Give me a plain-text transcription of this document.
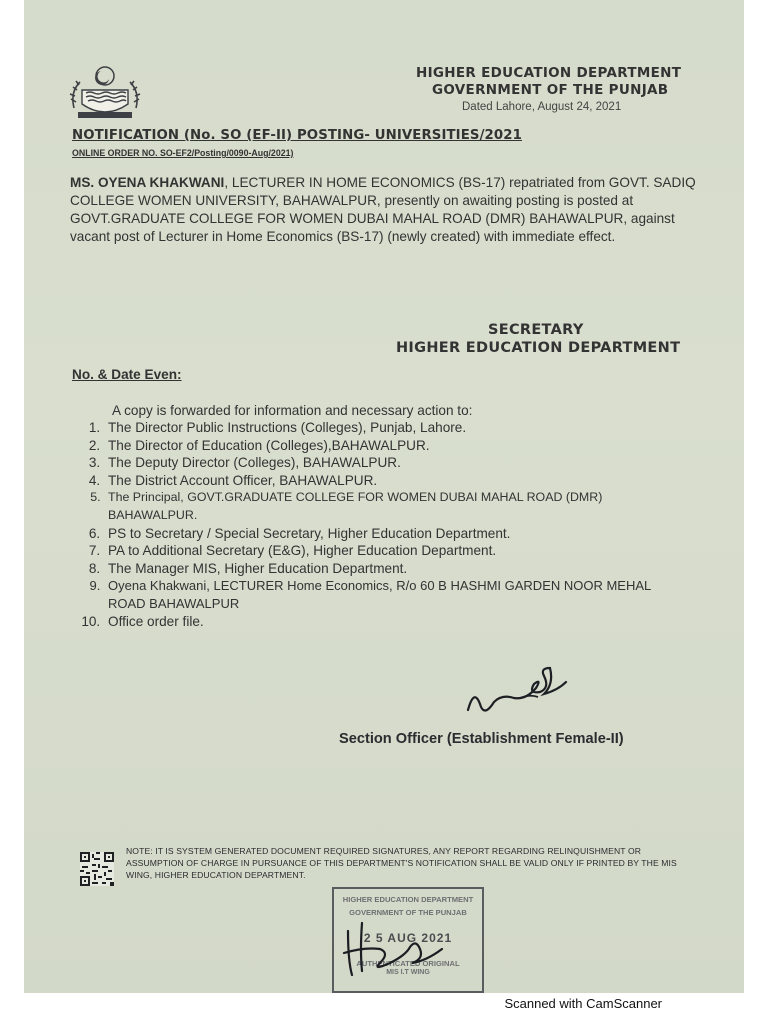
HIGHER EDUCATION DEPARTMENT
GOVERNMENT OF THE PUNJAB
Dated Lahore, August 24, 2021
NOTIFICATION (No. SO (EF-II) POSTING- UNIVERSITIES/2021
ONLINE ORDER NO. SO-EF2/Posting/0090-Aug/2021)
MS. OYENA KHAKWANI, LECTURER IN HOME ECONOMICS (BS-17) repatriated from GOVT. SADIQ COLLEGE WOMEN UNIVERSITY, BAHAWALPUR, presently on awaiting posting is posted at GOVT.GRADUATE COLLEGE FOR WOMEN DUBAI MAHAL ROAD (DMR) BAHAWALPUR, against vacant post of Lecturer in Home Economics (BS-17) (newly created) with immediate effect.
SECRETARY
HIGHER EDUCATION DEPARTMENT
No. & Date Even:
A copy is forwarded for information and necessary action to:
1. The Director Public Instructions (Colleges), Punjab, Lahore.
2. The Director of Education (Colleges),BAHAWALPUR.
3. The Deputy Director (Colleges), BAHAWALPUR.
4. The District Account Officer, BAHAWALPUR.
5. The Principal, GOVT.GRADUATE COLLEGE FOR WOMEN DUBAI MAHAL ROAD (DMR) BAHAWALPUR.
6. PS to Secretary / Special Secretary, Higher Education Department.
7. PA to Additional Secretary (E&G), Higher Education Department.
8. The Manager MIS, Higher Education Department.
9. Oyena Khakwani, LECTURER Home Economics, R/o 60 B HASHMI GARDEN NOOR MEHAL ROAD BAHAWALPUR
10. Office order file.
Section Officer (Establishment Female-II)
NOTE: IT IS SYSTEM GENERATED DOCUMENT REQUIRED SIGNATURES, ANY REPORT REGARDING RELINQUISHMENT OR ASSUMPTION OF CHARGE IN PURSUANCE OF THIS DEPARTMENT'S NOTIFICATION SHALL BE VALID ONLY IF PRINTED BY THE MIS WING, HIGHER EDUCATION DEPARTMENT.
HIGHER EDUCATION DEPARTMENT
GOVERNMENT OF THE PUNJAB
2 5 AUG 2021
AUTHENTICATED ORIGINAL
MIS I.T WING
Scanned with CamScanner
